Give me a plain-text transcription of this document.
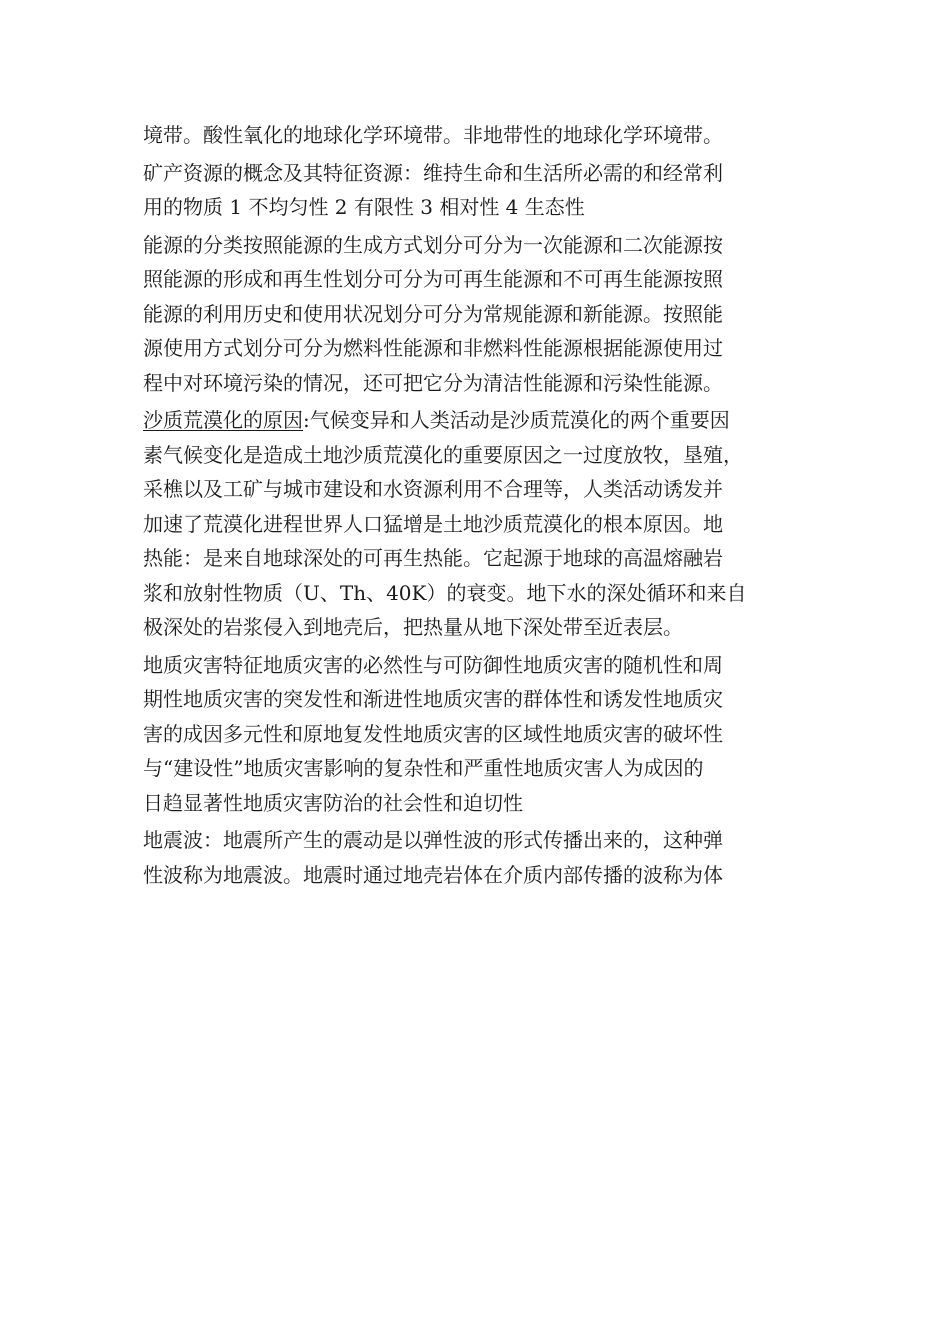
境带。酸性氧化的地球化学环境带。非地带性的地球化学环境带。
矿产资源的概念及其特征资源：维持生命和生活所必需的和经常利
用的物质 1 不均匀性 2 有限性 3 相对性 4 生态性
能源的分类按照能源的生成方式划分可分为一次能源和二次能源按
照能源的形成和再生性划分可分为可再生能源和不可再生能源按照
能源的利用历史和使用状况划分可分为常规能源和新能源。按照能
源使用方式划分可分为燃料性能源和非燃料性能源根据能源使用过
程中对环境污染的情况，还可把它分为清洁性能源和污染性能源。
沙质荒漠化的原因:气候变异和人类活动是沙质荒漠化的两个重要因
素气候变化是造成土地沙质荒漠化的重要原因之一过度放牧，垦殖，
采樵以及工矿与城市建设和水资源利用不合理等，人类活动诱发并
加速了荒漠化进程世界人口猛增是土地沙质荒漠化的根本原因。地
热能：是来自地球深处的可再生热能。它起源于地球的高温熔融岩
浆和放射性物质（U、Th、40K）的衰变。地下水的深处循环和来自
极深处的岩浆侵入到地壳后，把热量从地下深处带至近表层。
地质灾害特征地质灾害的必然性与可防御性地质灾害的随机性和周
期性地质灾害的突发性和渐进性地质灾害的群体性和诱发性地质灾
害的成因多元性和原地复发性地质灾害的区域性地质灾害的破坏性
与“建设性”地质灾害影响的复杂性和严重性地质灾害人为成因的
日趋显著性地质灾害防治的社会性和迫切性
地震波：地震所产生的震动是以弹性波的形式传播出来的，这种弹
性波称为地震波。地震时通过地壳岩体在介质内部传播的波称为体
